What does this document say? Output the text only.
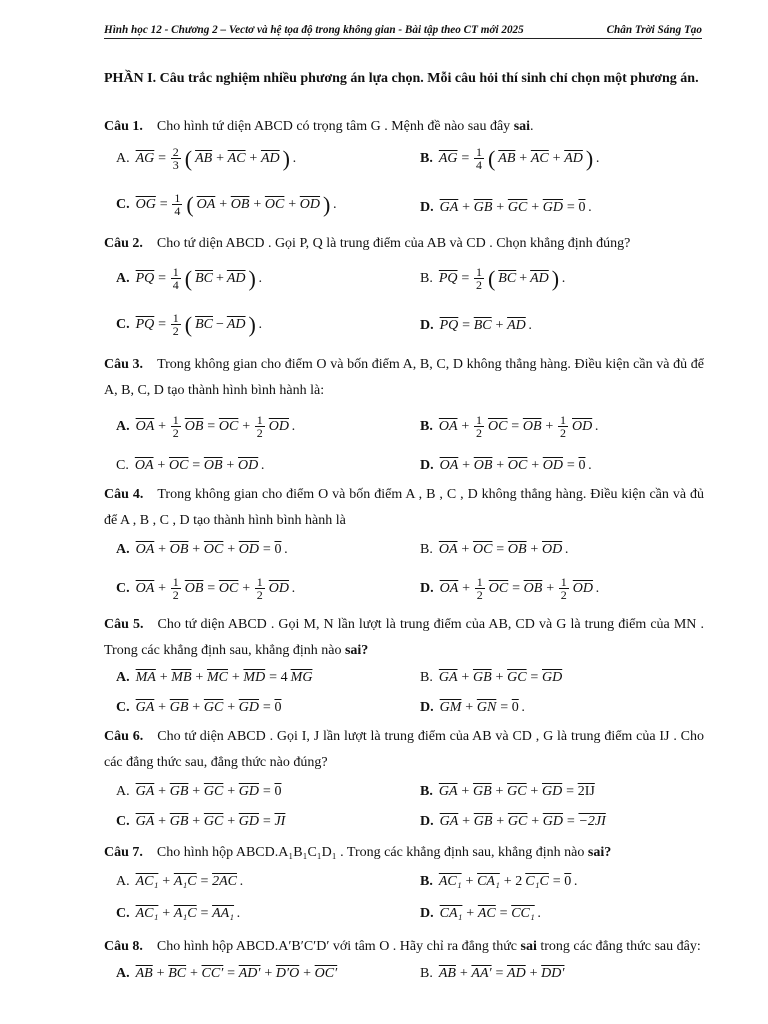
Hình học 12 - Chương 2 – Vectơ và hệ tọa độ trong không gian - Bài tập theo CT mới 2025	Chân Trời Sáng Tạo

PHẦN I. Câu trắc nghiệm nhiều phương án lựa chọn. Mỗi câu hỏi thí sinh chỉ chọn một phương án.

Câu 1. Cho hình tứ diện ABCD có trọng tâm G . Mệnh đề nào sau đây sai.

A. $\overline{AG} = \frac{2}{3}$ ( $\overline{AB} + \overline{AC} + \overline{AD}$ ) .	B. $\overline{AG} = \frac{1}{4}$ ( $\overline{AB} + \overline{AC} + \overline{AD}$ ) .
C. $\overline{OG} = \frac{1}{4}$ ( $\overline{OA} + \overline{OB} + \overline{OC} + \overline{OD}$ ) .	D. $\overline{GA} + \overline{GB} + \overline{GC} + \overline{GD} = 0$ .

Câu 2. Cho tứ diện ABCD . Gọi P, Q là trung điểm của AB và CD . Chọn khẳng định đúng?

A. $\overline{PQ} = \frac{1}{4}$ ( $\overline{BC} + \overline{AD}$ ) .	B. $\overline{PQ} = \frac{1}{2}$ ( $\overline{BC} + \overline{AD}$ ) .
C. $\overline{PQ} = \frac{1}{2}$ ( $\overline{BC} - \overline{AD}$ ) .	D. $\overline{PQ} = \overline{BC} + \overline{AD}$ .

Câu 3. Trong không gian cho điểm O và bốn điểm A, B, C, D không thẳng hàng. Điều kiện cần và đủ để A, B, C, D tạo thành hình bình hành là:

A. $\overline{OA} + \frac{1}{2} \overline{OB} = \overline{OC} + \frac{1}{2} \overline{OD}$ .	B. $\overline{OA} + \frac{1}{2} \overline{OC} = \overline{OB} + \frac{1}{2} \overline{OD}$ .
C. $\overline{OA} + \overline{OC} = \overline{OB} + \overline{OD}$ .	D. $\overline{OA} + \overline{OB} + \overline{OC} + \overline{OD} = 0$ .

Câu 4. Trong không gian cho điểm O và bốn điểm A , B , C , D không thẳng hàng. Điều kiện cần và đủ để A , B , C , D tạo thành hình bình hành là

A. $\overline{OA} + \overline{OB} + \overline{OC} + \overline{OD} = 0$ .	B. $\overline{OA} + \overline{OC} = \overline{OB} + \overline{OD}$ .
C. $\overline{OA} + \frac{1}{2} \overline{OB} = \overline{OC} + \frac{1}{2} \overline{OD}$ .	D. $\overline{OA} + \frac{1}{2} \overline{OC} = \overline{OB} + \frac{1}{2} \overline{OD}$ .

Câu 5. Cho tứ diện ABCD . Gọi M, N lần lượt là trung điểm của AB, CD và G là trung điểm của MN . Trong các khẳng định sau, khẳng định nào sai?

A. $\overline{MA} + \overline{MB} + \overline{MC} + \overline{MD} = 4$ $\overline{MG}$	B. $\overline{GA} + \overline{GB} + \overline{GC} = \overline{GD}$
C. $\overline{GA} + \overline{GB} + \overline{GC} + \overline{GD} = 0$	D. $\overline{GM} + \overline{GN} = 0$ .

Câu 6. Cho tứ diện ABCD . Gọi I, J lần lượt là trung điểm của AB và CD , G là trung điểm của IJ . Cho các đẳng thức sau, đẳng thức nào đúng?

A. $\overline{GA} + \overline{GB} + \overline{GC} + \overline{GD} = 0$	B. $\overline{GA} + \overline{GB} + \overline{GC} + \overline{GD} = 2IJ$
C. $\overline{GA} + \overline{GB} + \overline{GC} + \overline{GD} = \overline{JI}$	D. $\overline{GA} + \overline{GB} + \overline{GC} + \overline{GD} = -2JI$

Câu 7. Cho hình hộp ABCD.A₁B₁C₁D₁ . Trong các khẳng định sau, khẳng định nào sai?

A. AC₁ + A₁C = 2AC .	B. AC₁ + CA₁ + 2 C₁C = 0 .
C. AC₁ + A₁C = AA₁ .	D. $CA_1 + \overline{AC} = CC_1$ .

Câu 8. Cho hình hộp ABCD.A′B′C′D′ với tâm O . Hãy chỉ ra đẳng thức sai trong các đẳng thức sau đây:

A. $\overline{AB} + \overline{BC} + CC' = AD' + D'O + OC'$	B. $\overline{AB} + AA' = \overline{AD} + DD'$
